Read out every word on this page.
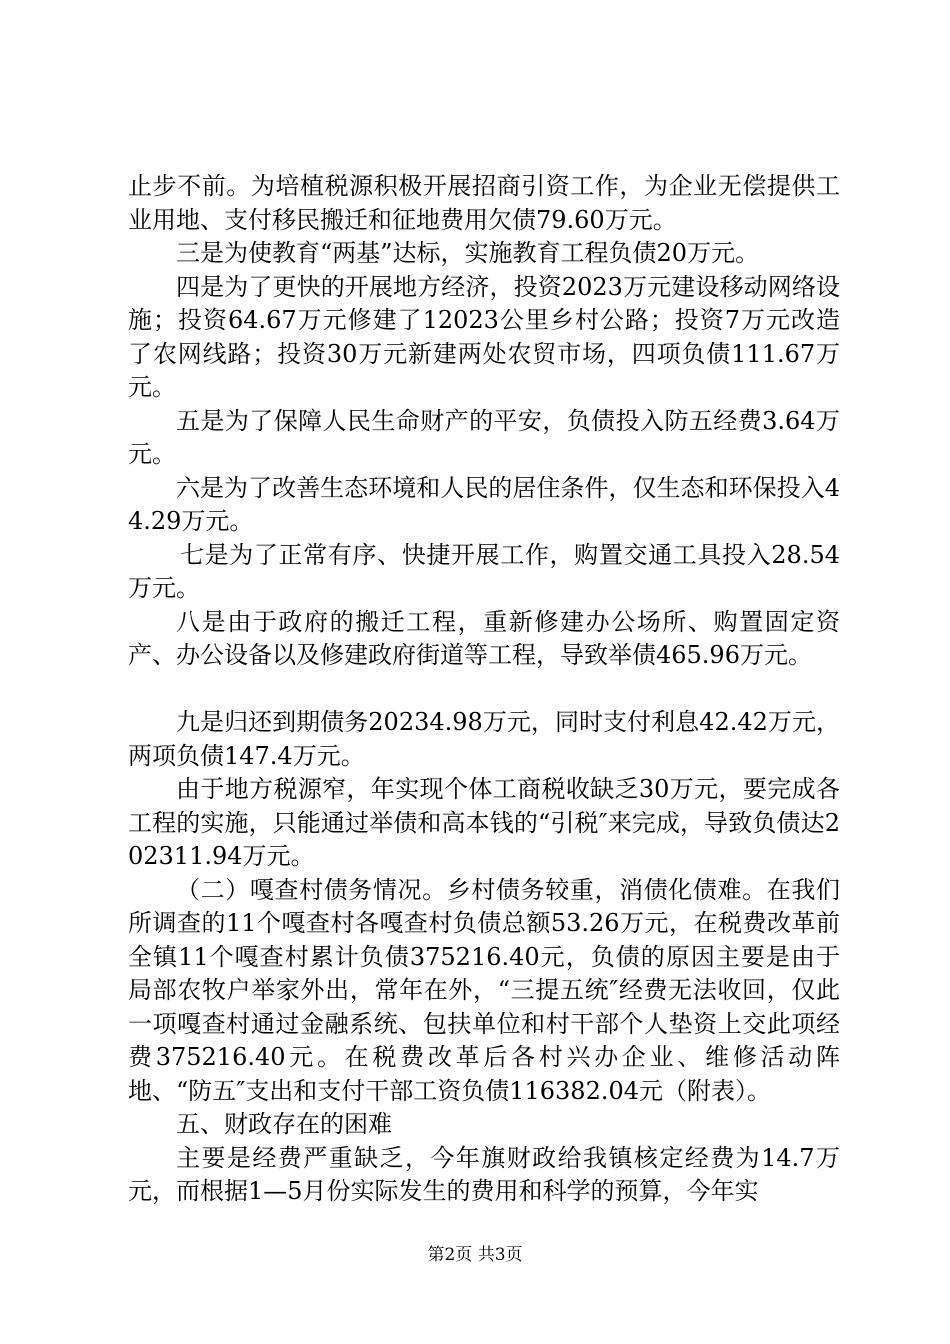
止步不前。为培植税源积极开展招商引资工作，为企业无偿提供工业用地、支付移民搬迁和征地费用欠债79.60万元。

三是为使教育“两基”达标，实施教育工程负债20万元。

四是为了更快的开展地方经济，投资2023万元建设移动网络设施；投资64.67万元修建了12023公里乡村公路；投资7万元改造了农网线路；投资30万元新建两处农贸市场，四项负债111.67万元。

五是为了保障人民生命财产的平安，负债投入防五经费3.64万元。

六是为了改善生态环境和人民的居住条件，仅生态和环保投入44.29万元。

七是为了正常有序、快捷开展工作，购置交通工具投入28.54万元。

八是由于政府的搬迁工程，重新修建办公场所、购置固定资产、办公设备以及修建政府街道等工程，导致举债465.96万元。

九是归还到期债务20234.98万元，同时支付利息42.42万元，两项负债147.4万元。

由于地方税源窄，年实现个体工商税收缺乏30万元，要完成各工程的实施，只能通过举债和高本钱的“引税″来完成，导致负债达202311.94万元。

（二）嘎查村债务情况。乡村债务较重，消债化债难。在我们所调查的11个嘎查村各嘎查村负债总额53.26万元，在税费改革前全镇11个嘎查村累计负债375216.40元，负债的原因主要是由于局部农牧户举家外出，常年在外，“三提五统″经费无法收回，仅此一项嘎查村通过金融系统、包扶单位和村干部个人垫资上交此项经费375216.40元。在税费改革后各村兴办企业、维修活动阵地、“防五″支出和支付干部工资负债116382.04元（附表）。

五、财政存在的困难

主要是经费严重缺乏，今年旗财政给我镇核定经费为14.7万元，而根据1—5月份实际发生的费用和科学的预算，今年实

第2页 共3页
